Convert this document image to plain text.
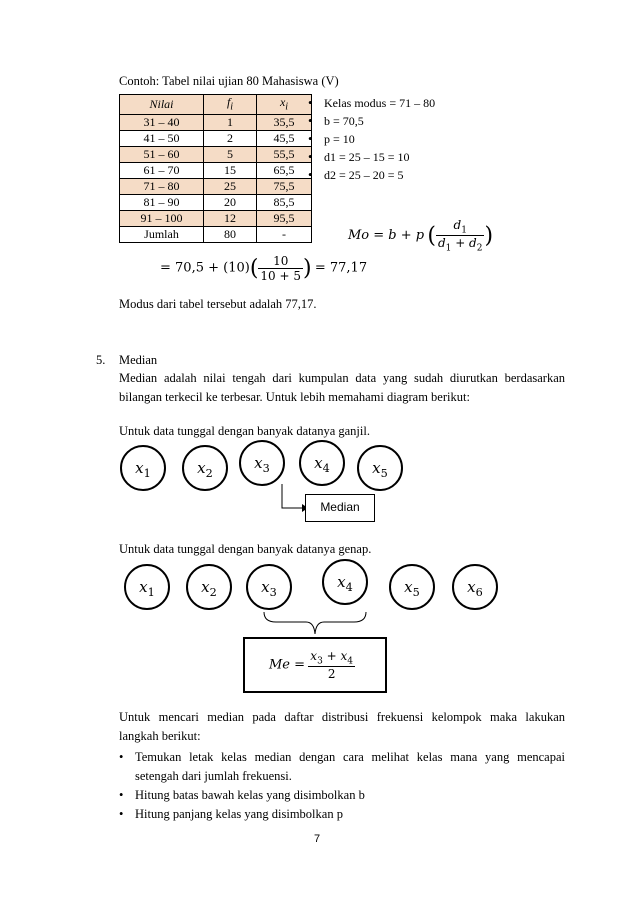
Contoh: Tabel nilai ujian 80 Mahasiswa (V)
Nilai	$f_i$	$x_i$
31 – 40	1	35,5
41 – 50	2	45,5
51 – 60	5	55,5
61 – 70	15	65,5
71 – 80	25	75,5
81 – 90	20	85,5
91 – 100	12	95,5
Jumlah	80	-
• Kelas modus = 71 – 80
• b = 70,5
• p = 10
• d1 = 25 – 15 = 10
• d2 = 25 – 20 = 5
Mo = b + p ( $\frac{d_1}{d_1 + d_2}$ )
= $70,5 + (10)( \frac{10}{10 + 5}$ ) = 77,17
Modus dari tabel tersebut adalah 77,17.
5. Median
Median adalah nilai tengah dari kumpulan data yang sudah diurutkan berdasarkan
bilangan terkecil ke terbesar. Untuk lebih memahami diagram berikut:
Untuk data tunggal dengan banyak datanya ganjil.
$x_1$	$x_2$
$x_3$	$x_4$	$x_5$
Median
Untuk data tunggal dengan banyak datanya genap.
$x_1$	$x_2$	$x_3$
$x_4$	$x_5$	$x_6$
$Me = \frac{x_3 + x_4}{2}$
Untuk mencari median pada daftar distribusi frekuensi kelompok maka lakukan
langkah berikut:
• Temukan letak kelas median dengan cara melihat kelas mana yang mencapai
setengah dari jumlah frekuensi.
• Hitung batas bawah kelas yang disimbolkan b
• Hitung panjang kelas yang disimbolkan p
7
